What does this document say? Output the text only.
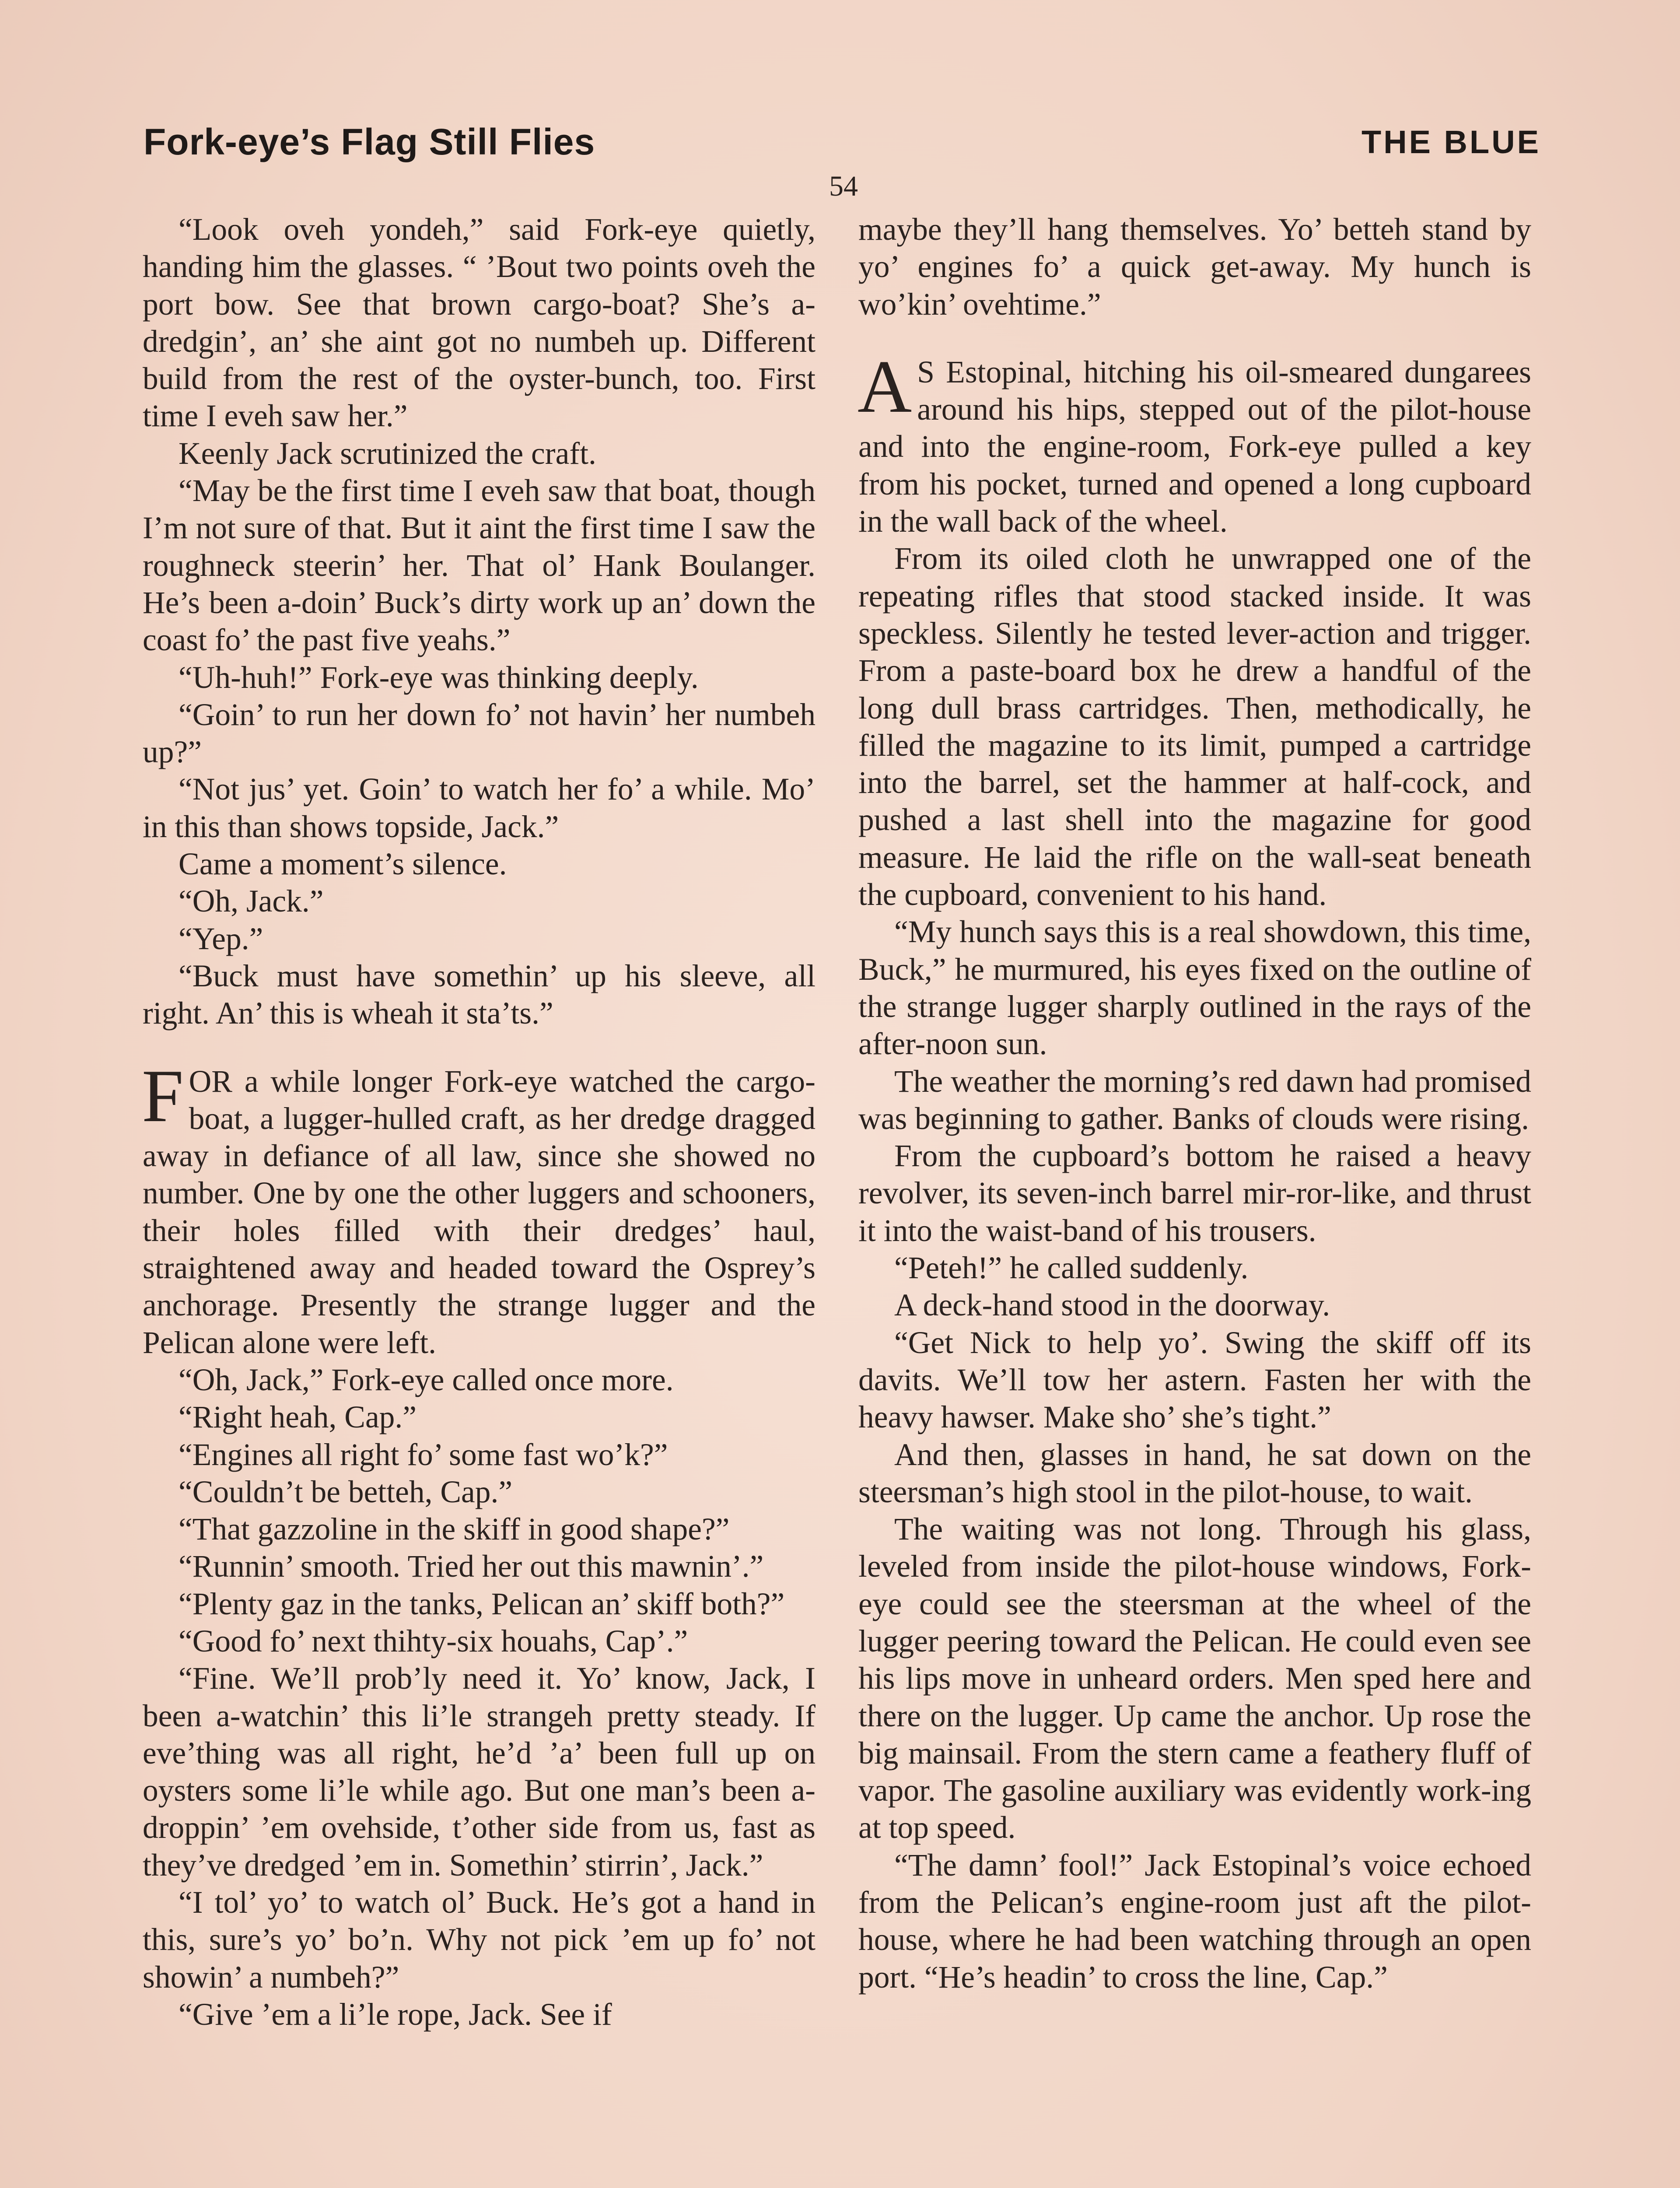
Fork-eye’s Flag Still Flies	THE BLUE
54

“Look oveh yondeh,” said Fork-eye quietly, handing him the glasses. “ ’Bout two points oveh the port bow. See that brown cargo-boat? She’s a-dredgin’, an’ she aint got no numbeh up. Different build from the rest of the oyster-bunch, too. First time I eveh saw her.”

Keenly Jack scrutinized the craft.

“May be the first time I eveh saw that boat, though I’m not sure of that. But it aint the first time I saw the roughneck steerin’ her. That ol’ Hank Boulanger. He’s been a-doin’ Buck’s dirty work up an’ down the coast fo’ the past five yeahs.”

“Uh-huh!” Fork-eye was thinking deeply.

“Goin’ to run her down fo’ not havin’ her numbeh up?”

“Not jus’ yet. Goin’ to watch her fo’ a while. Mo’ in this than shows topside, Jack.”

Came a moment’s silence.

“Oh, Jack.”

“Yep.”

“Buck must have somethin’ up his sleeve, all right. An’ this is wheah it sta’ts.”

FOR a while longer Fork-eye watched the cargo-boat, a lugger-hulled craft, as her dredge dragged away in defiance of all law, since she showed no number. One by one the other luggers and schooners, their holes filled with their dredges’ haul, straightened away and headed toward the Osprey’s anchorage. Presently the strange lugger and the Pelican alone were left.

“Oh, Jack,” Fork-eye called once more.

“Right heah, Cap.”

“Engines all right fo’ some fast wo’k?”

“Couldn’t be betteh, Cap.”

“That gazzoline in the skiff in good shape?”

“Runnin’ smooth. Tried her out this mawnin’.”

“Plenty gaz in the tanks, Pelican an’ skiff both?”

“Good fo’ next thihty-six houahs, Cap’.”

“Fine. We’ll prob’ly need it. Yo’ know, Jack, I been a-watchin’ this li’le strangeh pretty steady. If eve’thing was all right, he’d ’a’ been full up on oysters some li’le while ago. But one man’s been a-droppin’ ’em ovehside, t’other side from us, fast as they’ve dredged ’em in. Somethin’ stirrin’, Jack.”

“I tol’ yo’ to watch ol’ Buck. He’s got a hand in this, sure’s yo’ bo’n. Why not pick ’em up fo’ not showin’ a numbeh?”

“Give ’em a li’le rope, Jack. See if

maybe they’ll hang themselves. Yo’ betteh stand by yo’ engines fo’ a quick get-away. My hunch is wo’kin’ ovehtime.”

A S Estopinal, hitching his oil-smeared dungarees around his hips, stepped out of the pilot-house and into the engine-room, Fork-eye pulled a key from his pocket, turned and opened a long cupboard in the wall back of the wheel.

From its oiled cloth he unwrapped one of the repeating rifles that stood stacked inside. It was speckless. Silently he tested lever-action and trigger. From a paste-board box he drew a handful of the long dull brass cartridges. Then, methodically, he filled the magazine to its limit, pumped a cartridge into the barrel, set the hammer at half-cock, and pushed a last shell into the magazine for good measure. He laid the rifle on the wall-seat beneath the cupboard, convenient to his hand.

“My hunch says this is a real showdown, this time, Buck,” he murmured, his eyes fixed on the outline of the strange lugger sharply outlined in the rays of the after-noon sun.

The weather the morning’s red dawn had promised was beginning to gather. Banks of clouds were rising.

From the cupboard’s bottom he raised a heavy revolver, its seven-inch barrel mir-ror-like, and thrust it into the waist-band of his trousers.

“Peteh!” he called suddenly.

A deck-hand stood in the doorway.

“Get Nick to help yo’. Swing the skiff off its davits. We’ll tow her astern. Fasten her with the heavy hawser. Make sho’ she’s tight.”

And then, glasses in hand, he sat down on the steersman’s high stool in the pilot-house, to wait.

The waiting was not long. Through his glass, leveled from inside the pilot-house windows, Fork-eye could see the steersman at the wheel of the lugger peering toward the Pelican. He could even see his lips move in unheard orders. Men sped here and there on the lugger. Up came the anchor. Up rose the big mainsail. From the stern came a feathery fluff of vapor. The gasoline auxiliary was evidently work-ing at top speed.

“The damn’ fool!” Jack Estopinal’s voice echoed from the Pelican’s engine-room just aft the pilot-house, where he had been watching through an open port. “He’s headin’ to cross the line, Cap.”
